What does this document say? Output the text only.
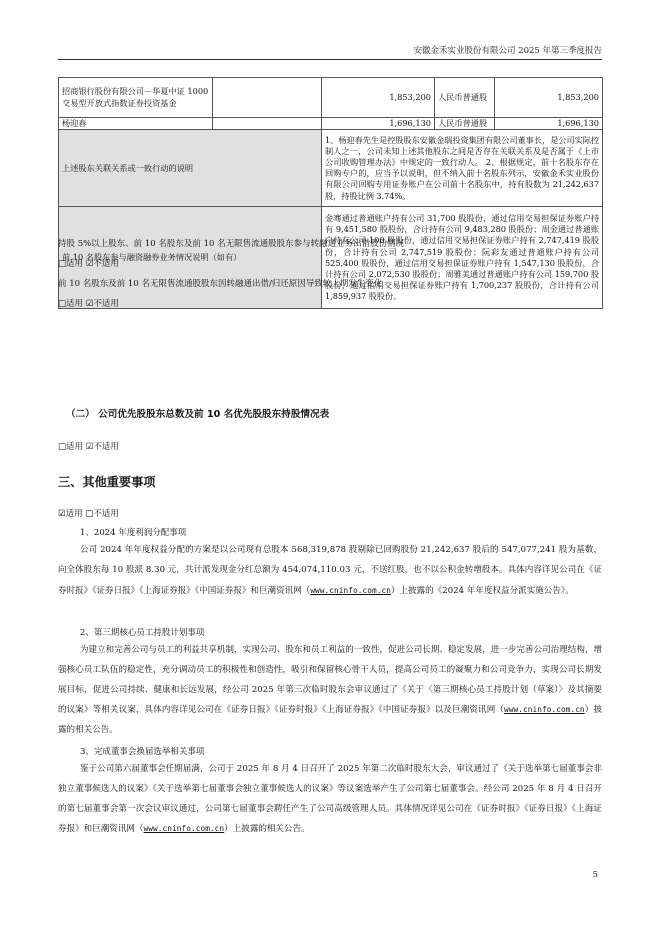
安徽金禾实业股份有限公司 2025 年第三季度报告
招商银行股份有限公司－华夏中证 1000 交易型开放式指数证券投资基金		1,853,200	人民币普通股	1,853,200
杨迎春		1,696,130	人民币普通股	1,696,130
上述股东关联关系或一致行动的说明		1、杨迎春先生是控股股东安徽金瑞投资集团有限公司董事长，是公司实际控制人之一，公司未知上述其他股东之间是否存在关联关系及是否属于《上市公司收购管理办法》中规定的一致行动人。 2、根据规定，前十名股东存在回购专户的，应当予以说明，但不纳入前十名股东列示，安徽金禾实业股份有限公司回购专用证券账户在公司前十名股东中，持有股数为 21,242,637 股，持股比例 3.74%。		
前 10 名股东参与融资融券业务情况说明（如有）		金骞通过普通账户持有公司 31,700 股股份，通过信用交易担保证券账户持有 9,451,580 股股份，合计持有公司 9,483,280 股股份；周金通过普通账户持有公司 100 股股份，通过信用交易担保证券账户持有 2,747,419 股股份，合计持有公司 2,747,519 股股份；阮彩友通过普通账户持有公司 525,400 股股份，通过信用交易担保证券账户持有 1,547,130 股股份，合计持有公司 2,072,530 股股份；周雅美通过普通账户持有公司 159,700 股股份，通过信用交易担保证券账户持有 1,700,237 股股份，合计持有公司 1,859,937 股股份。		
持股 5%以上股东、前 10 名股东及前 10 名无限售流通股股东参与转融通业务出借股份情况
□适用 ☑不适用
前 10 名股东及前 10 名无限售流通股股东因转融通出借/归还原因导致较上期发生变化
□适用 ☑不适用
（二） 公司优先股股东总数及前 10 名优先股股东持股情况表
□适用 ☑不适用
三、其他重要事项
☑适用 □不适用
1、2024 年度利润分配事项
公司 2024 年年度权益分配的方案是以公司现有总股本 568,319,878 股剔除已回购股份 21,242,637 股后的 547,077,241 股为基数，向全体股东每 10 股派 8.30 元，共计派发现金分红总额为 454,074,110.03 元，不送红股，也不以公积金转增股本。具体内容详见公司在《证券时报》《证券日报》《上海证券报》《中国证券报》和巨潮资讯网（www.cninfo.com.cn）上披露的《2024 年年度权益分派实施公告》。
2、第三期核心员工持股计划事项
为建立和完善公司与员工的利益共享机制，实现公司、股东和员工利益的一致性，促进公司长期、稳定发展，进一步完善公司治理结构，增强核心员工队伍的稳定性，充分调动员工的积极性和创造性，吸引和保留核心骨干人员，提高公司员工的凝聚力和公司竞争力，实现公司长期发展目标，促进公司持续、健康和长远发展，经公司 2025 年第三次临时股东会审议通过了《关于〈第三期核心员工持股计划（草案）〉及其摘要的议案》等相关议案，具体内容详见公司在《证券日报》《证券时报》《上海证券报》《中国证券报》以及巨潮资讯网（www.cninfo.com.cn）披露的相关公告。
3、完成董事会换届选举相关事项
鉴于公司第六届董事会任期届满，公司于 2025 年 8 月 4 日召开了 2025 年第二次临时股东大会，审议通过了《关于选举第七届董事会非独立董事候选人的议案》《关于选举第七届董事会独立董事候选人的议案》等议案选举产生了公司第七届董事会。经公司 2025 年 8 月 4 日召开的第七届董事会第一次会议审议通过，公司第七届董事会聘任产生了公司高级管理人员。具体情况详见公司在《证券时报》《证券日报》《上海证券报》和巨潮资讯网（www.cninfo.com.cn）上披露的相关公告。
5
